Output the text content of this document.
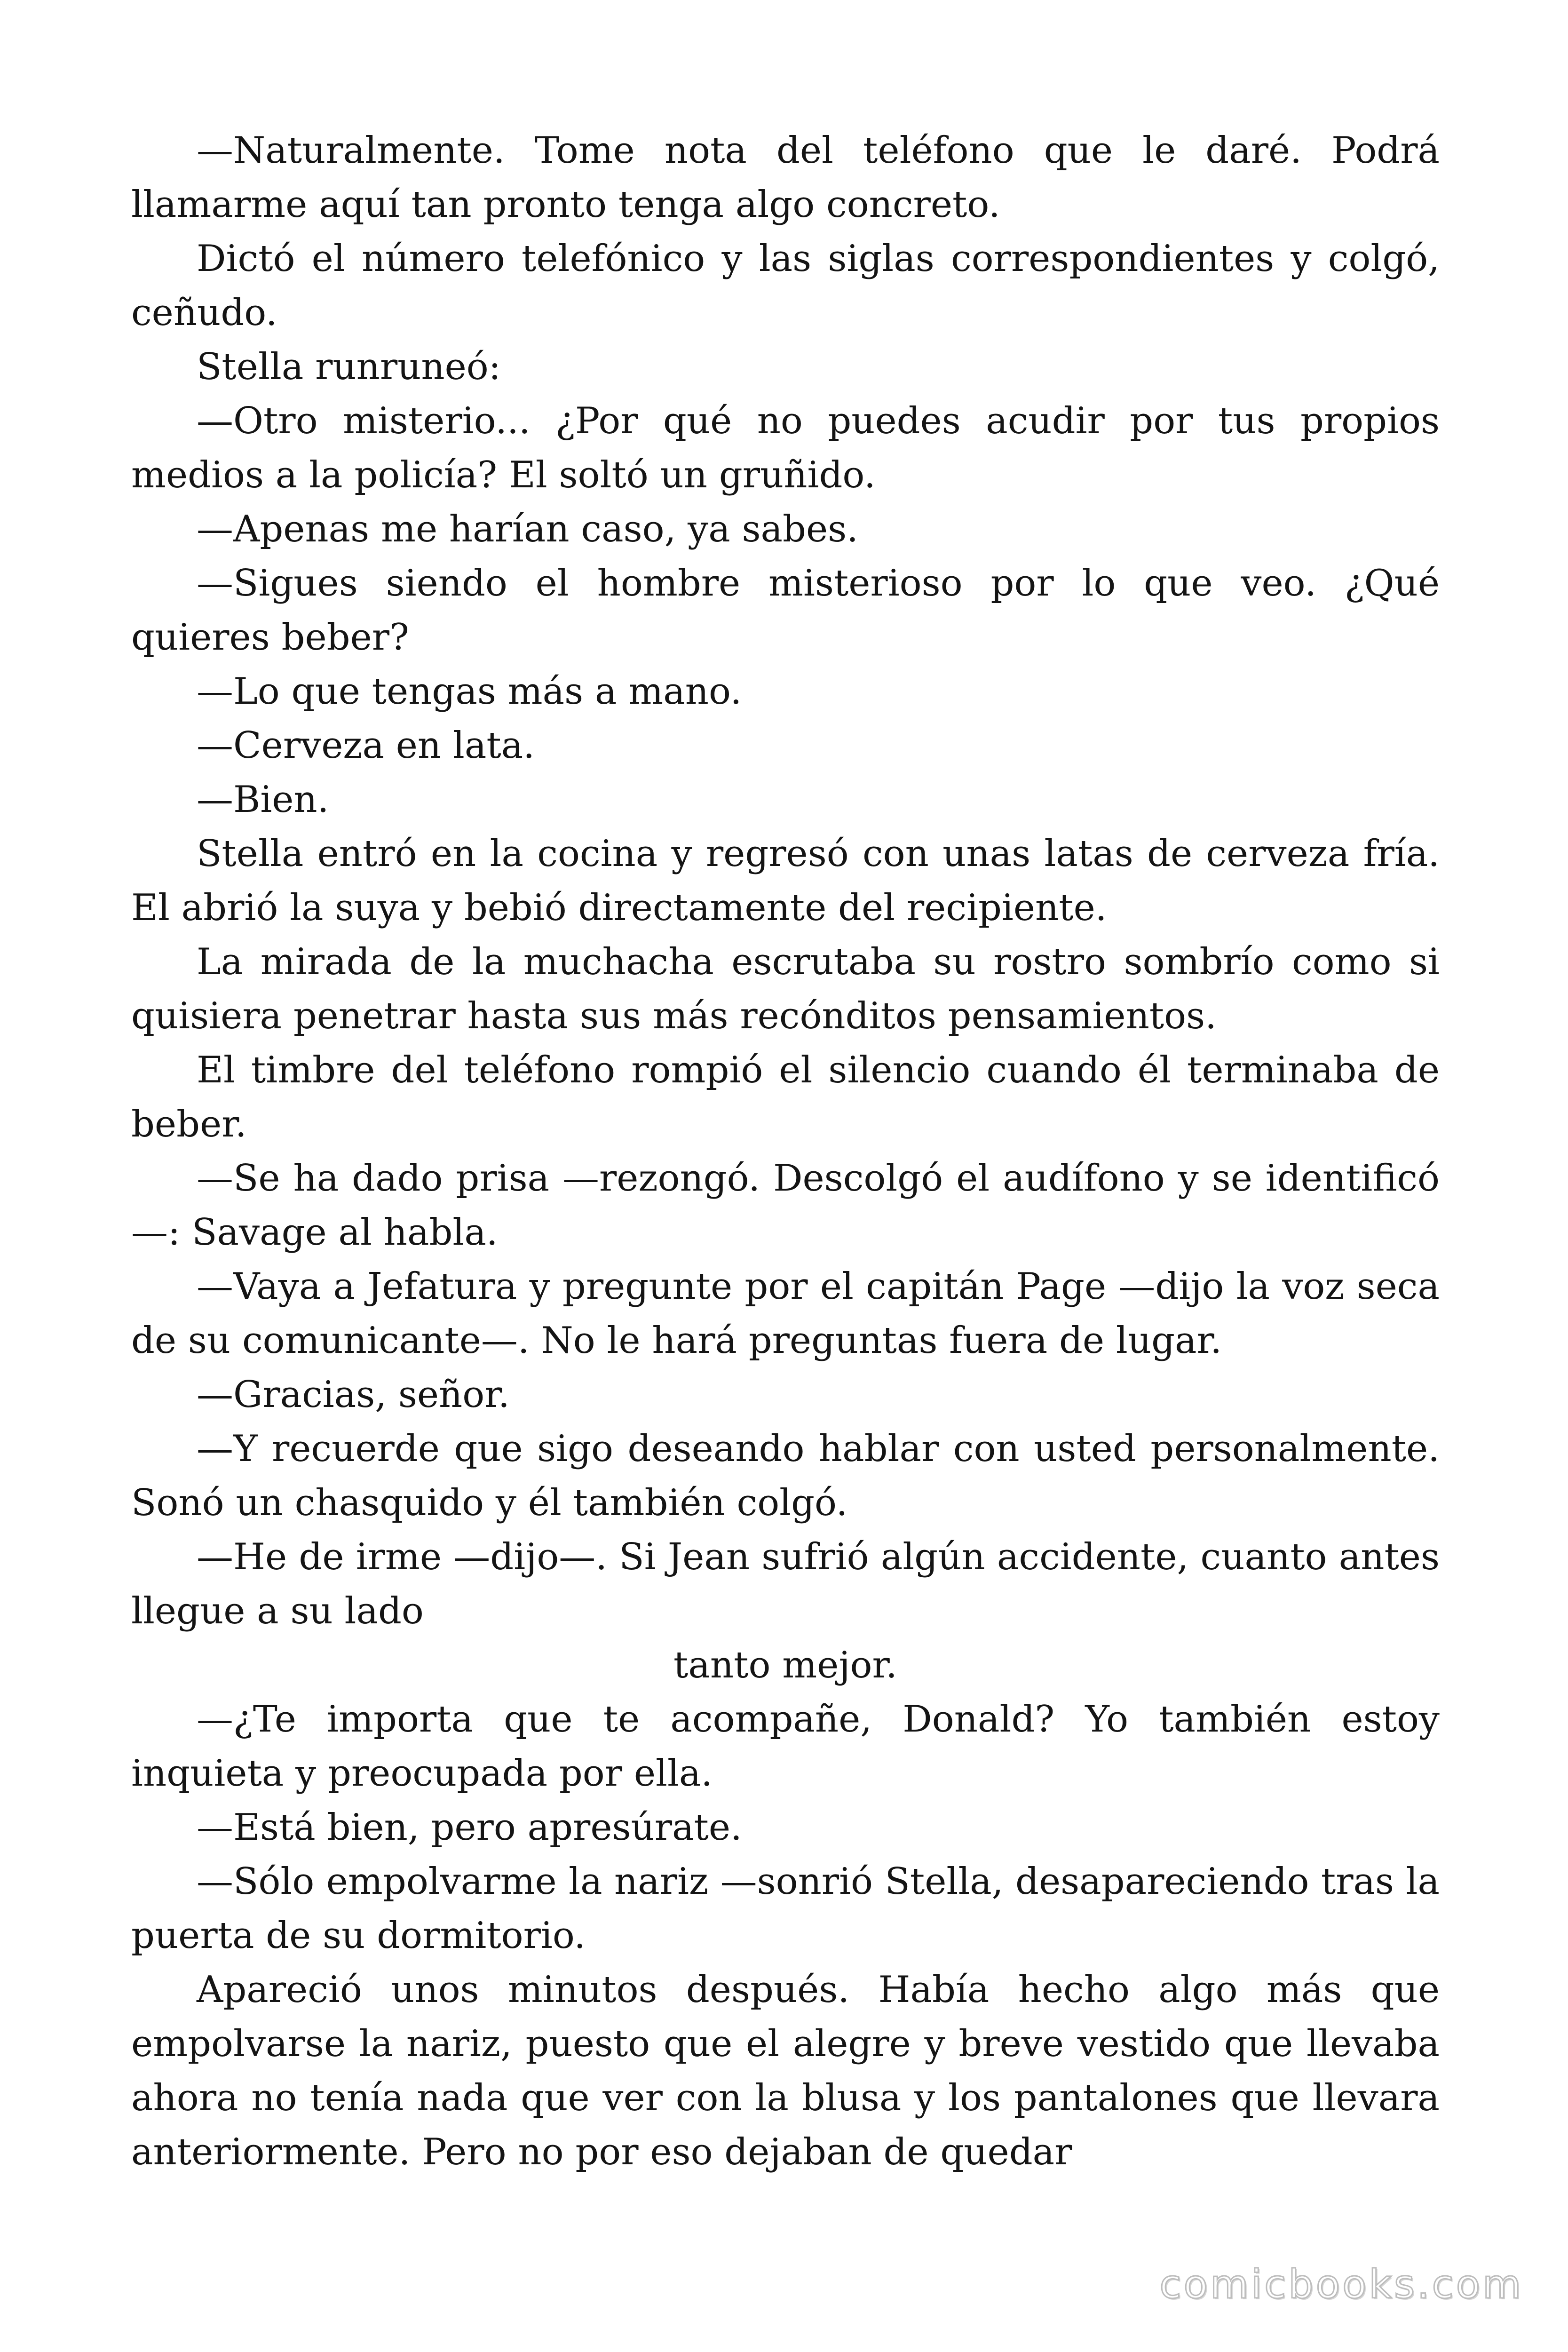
—Naturalmente. Tome nota del teléfono que le daré. Podrá llamarme aquí tan pronto tenga algo concreto.

Dictó el número telefónico y las siglas correspondientes y colgó, ceñudo.

Stella runruneó:

—Otro misterio... ¿Por qué no puedes acudir por tus propios medios a la policía? El soltó un gruñido.

—Apenas me harían caso, ya sabes.

—Sigues siendo el hombre misterioso por lo que veo. ¿Qué quieres beber?

—Lo que tengas más a mano.

—Cerveza en lata.

—Bien.

Stella entró en la cocina y regresó con unas latas de cerveza fría. El abrió la suya y bebió directamente del recipiente.

La mirada de la muchacha escrutaba su rostro sombrío como si quisiera penetrar hasta sus más recónditos pensamientos.

El timbre del teléfono rompió el silencio cuando él terminaba de beber.

—Se ha dado prisa —rezongó. Descolgó el audífono y se identificó—: Savage al habla.

—Vaya a Jefatura y pregunte por el capitán Page —dijo la voz seca de su comunicante—. No le hará preguntas fuera de lugar.

—Gracias, señor.

—Y recuerde que sigo deseando hablar con usted personalmente. Sonó un chasquido y él también colgó.

—He de irme —dijo—. Si Jean sufrió algún accidente, cuanto antes llegue a su lado

tanto mejor.

—¿Te importa que te acompañe, Donald? Yo también estoy inquieta y preocupada por ella.

—Está bien, pero apresúrate.

—Sólo empolvarme la nariz —sonrió Stella, desapareciendo tras la puerta de su dormitorio.

Apareció unos minutos después. Había hecho algo más que empolvarse la nariz, puesto que el alegre y breve vestido que llevaba ahora no tenía nada que ver con la blusa y los pantalones que llevara anteriormente. Pero no por eso dejaban de quedar

comicbooks.com
